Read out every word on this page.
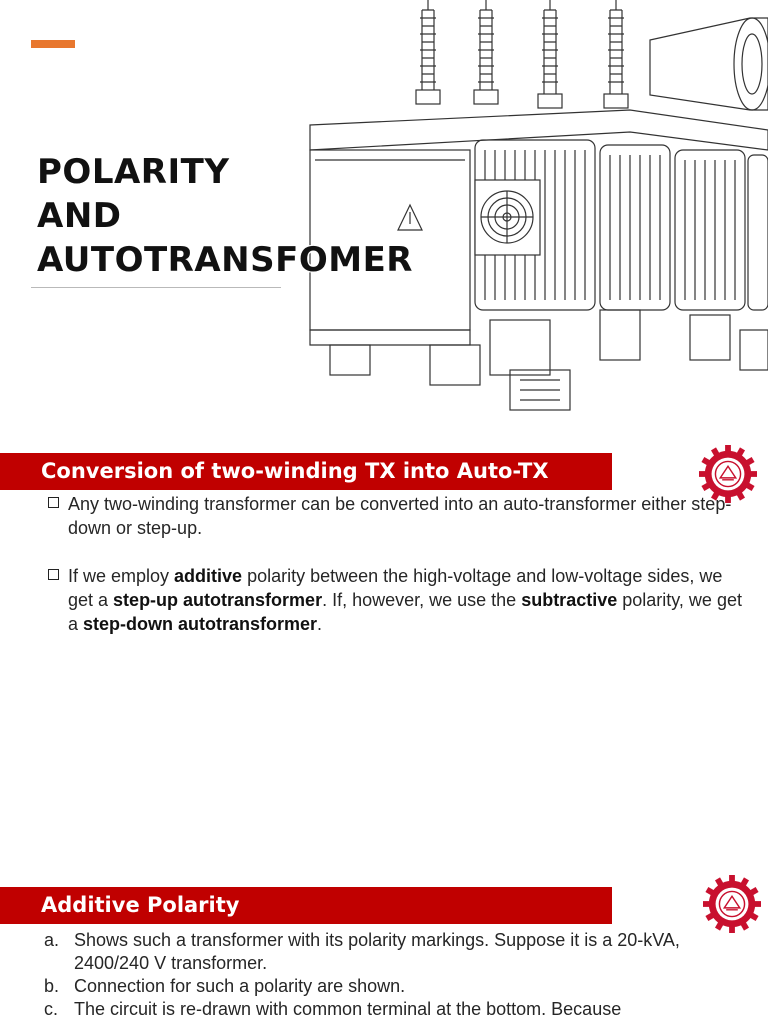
POLARITY
AND
AUTOTRANSFOMER
Conversion of two-winding TX into Auto-TX
Any two-winding transformer can be converted into an auto-transformer either step-down or step-up.
If we employ additive polarity between the high-voltage and low-voltage sides, we get a step-up autotransformer. If, however, we use the subtractive polarity, we get a step-down autotransformer.
Additive Polarity
a. Shows such a transformer with its polarity markings. Suppose it is a 20-kVA, 2400/240 V transformer.
b. Connection for such a polarity are shown.
c. The circuit is re-drawn with common terminal at the bottom. Because
